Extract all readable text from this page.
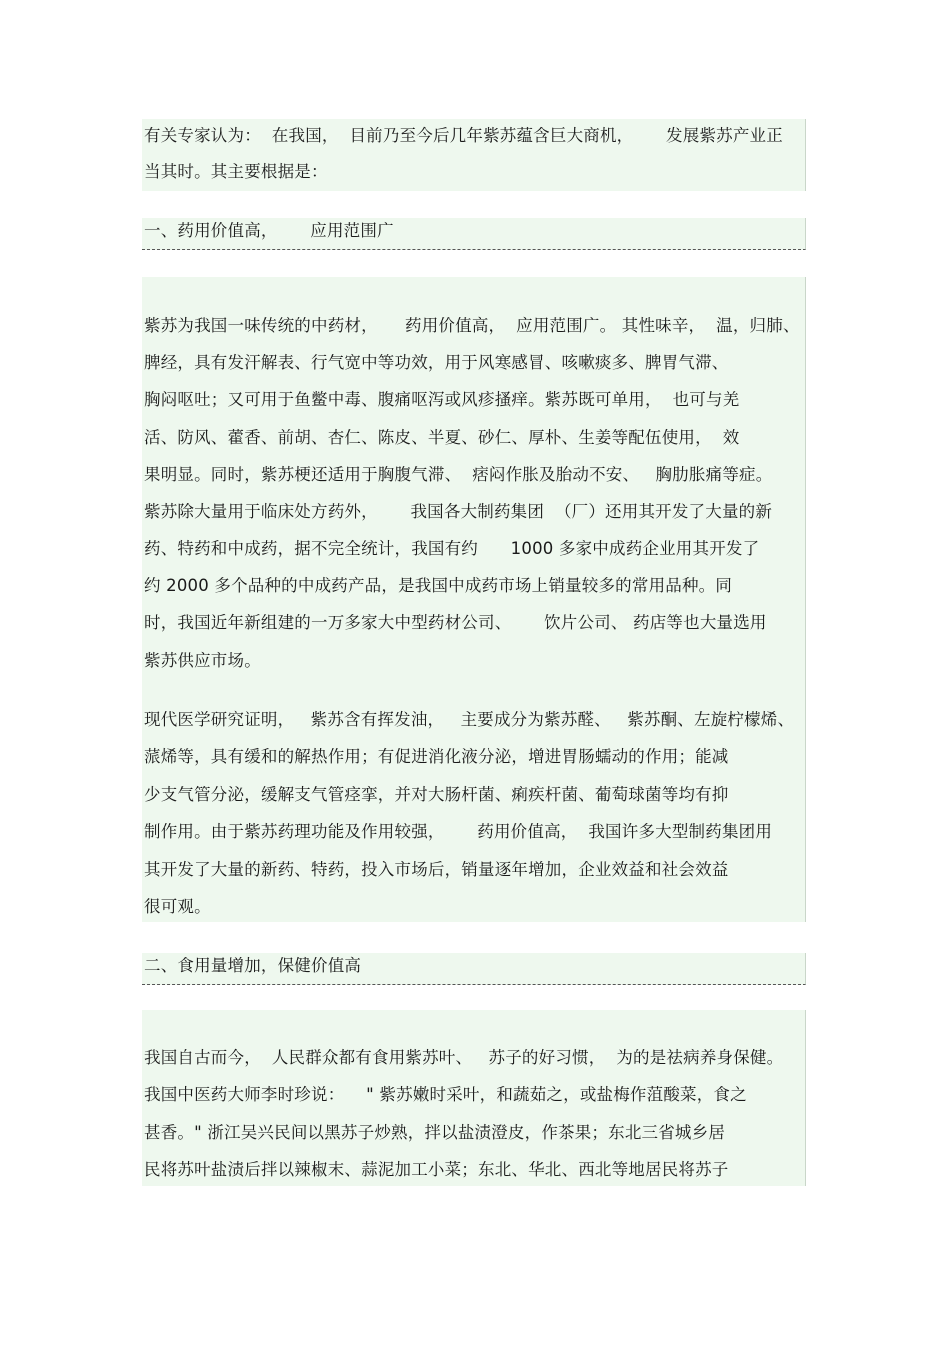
有关专家认为：  在我国，  目前乃至今后几年紫苏蕴含巨大商机，      发展紫苏产业正
当其时。其主要根据是：
一、药用价值高，      应用范围广
紫苏为我国一味传统的中药材，     药用价值高，  应用范围广。 其性味辛，  温，归肺、
脾经，具有发汗解表、行气宽中等功效，用于风寒感冒、咳嗽痰多、脾胃气滞、
胸闷呕吐；又可用于鱼鳖中毒、腹痛呕泻或风疹搔痒。紫苏既可单用，  也可与羌
活、防风、藿香、前胡、杏仁、陈皮、半夏、砂仁、厚朴、生姜等配伍使用，  效
果明显。同时，紫苏梗还适用于胸腹气滞、  痞闷作胀及胎动不安、   胸肋胀痛等症。
紫苏除大量用于临床处方药外，      我国各大制药集团  （厂）还用其开发了大量的新
药、特药和中成药，据不完全统计，我国有约      1000 多家中成药企业用其开发了
约 2000 多个品种的中成药产品，是我国中成药市场上销量较多的常用品种。同
时，我国近年新组建的一万多家大中型药材公司、      饮片公司、 药店等也大量选用
紫苏供应市场。
现代医学研究证明，   紫苏含有挥发油，   主要成分为紫苏醛、   紫苏酮、左旋柠檬烯、
蒎烯等，具有缓和的解热作用；有促进消化液分泌，增进胃肠蠕动的作用；能减
少支气管分泌，缓解支气管痉挛，并对大肠杆菌、痢疾杆菌、葡萄球菌等均有抑
制作用。由于紫苏药理功能及作用较强，      药用价值高，  我国许多大型制药集团用
其开发了大量的新药、特药，投入市场后，销量逐年增加，企业效益和社会效益
很可观。
二、食用量增加，保健价值高
我国自古而今，  人民群众都有食用紫苏叶、   苏子的好习惯，  为的是祛病养身保健。
我国中医药大师李时珍说：    " 紫苏嫩时采叶，和蔬茹之，或盐梅作菹酸菜，食之
甚香。" 浙江吴兴民间以黑苏子炒熟，拌以盐渍澄皮，作茶果；东北三省城乡居
民将苏叶盐渍后拌以辣椒末、蒜泥加工小菜；东北、华北、西北等地居民将苏子
